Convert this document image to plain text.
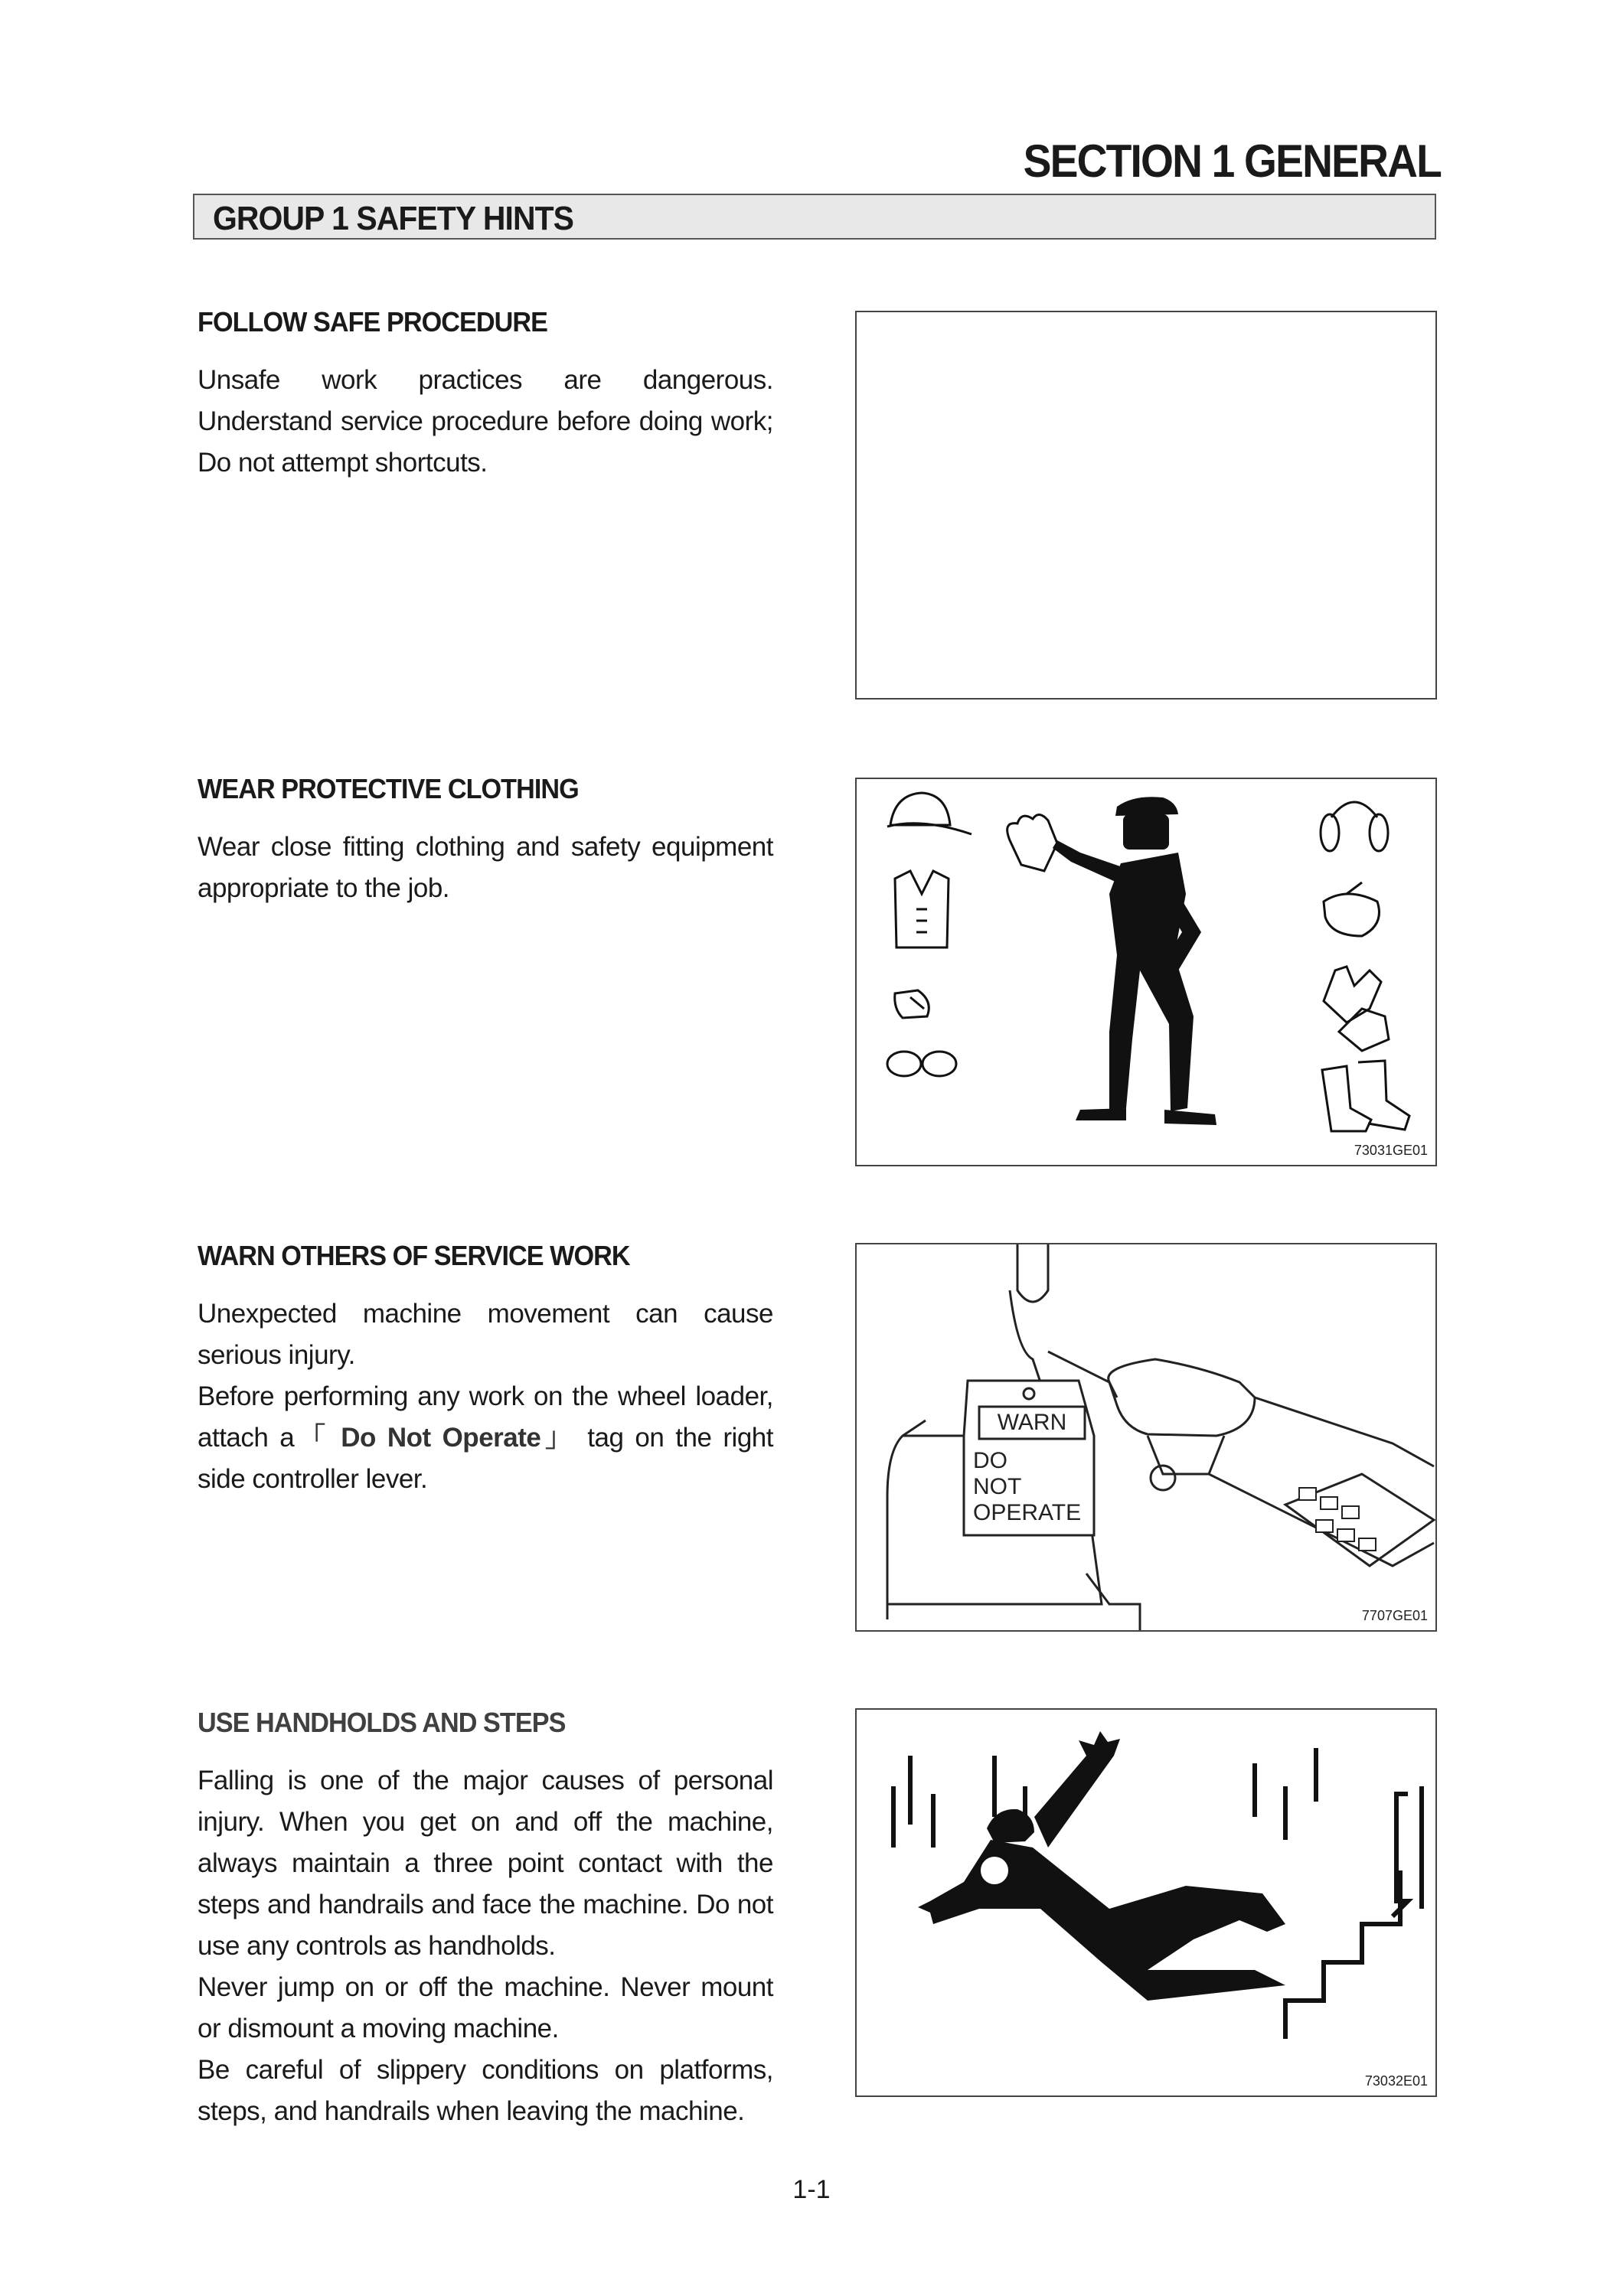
SECTION 1 GENERAL
GROUP 1 SAFETY HINTS
FOLLOW SAFE PROCEDURE

Unsafe work practices are dangerous. Understand service procedure before doing work; Do not attempt shortcuts.

WEAR PROTECTIVE CLOTHING

Wear close fitting clothing and safety equipment appropriate to the job.

73031GE01
WARN OTHERS OF SERVICE WORK

Unexpected machine movement can cause serious injury.

Before performing any work on the wheel loader, attach a「 Do Not Operate」 tag on the right side controller lever.

WARN
DO
NOT
OPERATE
7707GE01
USE HANDHOLDS AND STEPS

Falling is one of the major causes of personal injury. When you get on and off the machine, always maintain a three point contact with the steps and handrails and face the machine. Do not use any controls as handholds.

Never jump on or off the machine. Never mount or dismount a moving machine.

Be careful of slippery conditions on platforms, steps, and handrails when leaving the machine.

73032E01
1-1
